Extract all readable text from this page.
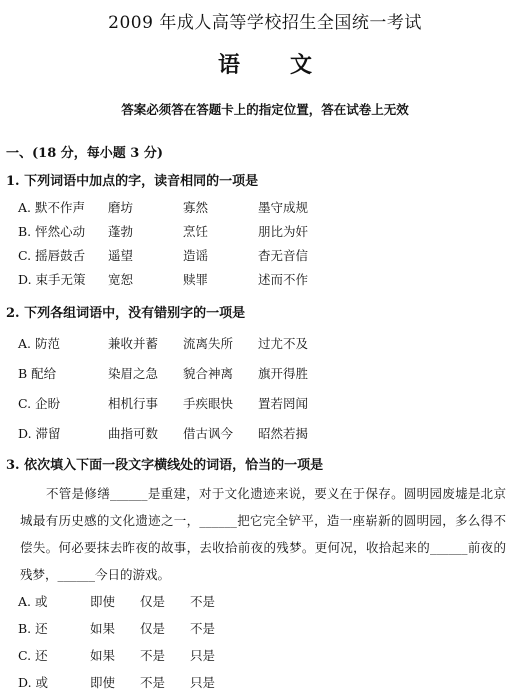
2009 年成人高等学校招生全国统一考试
语文
答案必须答在答题卡上的指定位置，答在试卷上无效
一、(18 分，每小题 3 分)
1. 下列词语中加点的字，读音相同的一项是
A. 默不作声 磨坊	寡然	墨守成规
B. 怦然心动 蓬勃	烹饪	朋比为奸
C. 摇唇鼓舌 遥望	造谣	杳无音信
D. 束手无策 宽恕	赎罪	述而不作
2. 下列各组词语中，没有错别字的一项是
A. 防范	兼收并蓄 流离失所 过尤不及
B 配给	染眉之急 貌合神离 旗开得胜
C. 企盼	相机行事 手疾眼快 置若罔闻
D. 滞留	曲指可数 借古讽今 昭然若揭
3. 依次填入下面一段文字横线处的词语，恰当的一项是
不管是修缮______是重建，对于文化遗迹来说，要义在于保存。圆明园废墟是北京城最有历史感的文化遗迹之一，______把它完全铲平，造一座崭新的圆明园，多么得不偿失。何必要抹去昨夜的故事，去收拾前夜的残梦。更何况，收拾起来的______前夜的残梦，______今日的游戏。
A. 或	即使 仅是 不是
B. 还	如果 仅是 不是
C. 还	如果 不是 只是
D. 或	即使 不是 只是
